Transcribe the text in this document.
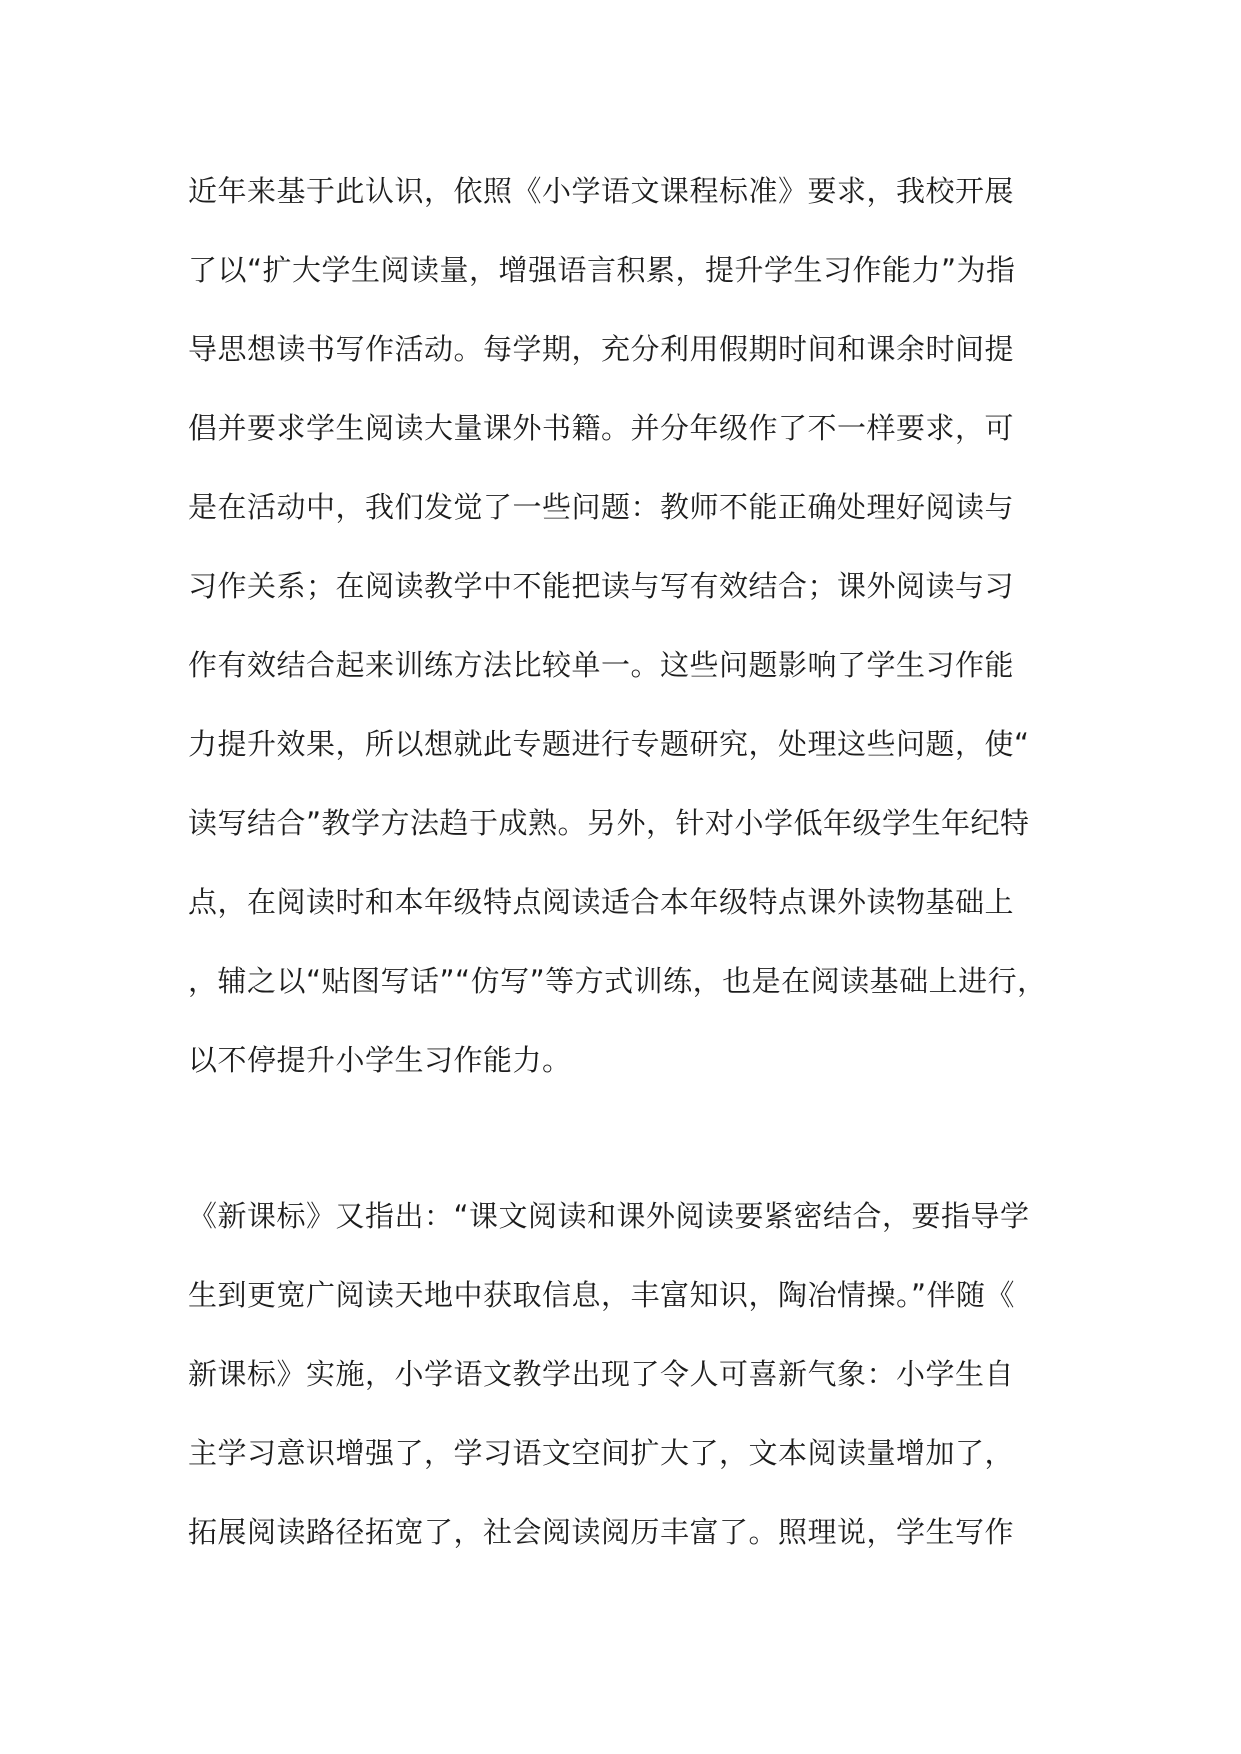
近年来基于此认识，依照《小学语文课程标准》要求，我校开展
了以“扩大学生阅读量，增强语言积累，提升学生习作能力”为指
导思想读书写作活动。每学期，充分利用假期时间和课余时间提
倡并要求学生阅读大量课外书籍。并分年级作了不一样要求，可
是在活动中，我们发觉了一些问题：教师不能正确处理好阅读与
习作关系；在阅读教学中不能把读与写有效结合；课外阅读与习
作有效结合起来训练方法比较单一。这些问题影响了学生习作能
力提升效果，所以想就此专题进行专题研究，处理这些问题，使“
读写结合”教学方法趋于成熟。另外，针对小学低年级学生年纪特
点，在阅读时和本年级特点阅读适合本年级特点课外读物基础上
，辅之以“贴图写话”“仿写”等方式训练，也是在阅读基础上进行，
以不停提升小学生习作能力。
《新课标》又指出：“课文阅读和课外阅读要紧密结合，要指导学
生到更宽广阅读天地中获取信息，丰富知识，陶冶情操。”伴随《
新课标》实施，小学语文教学出现了令人可喜新气象：小学生自
主学习意识增强了，学习语文空间扩大了，文本阅读量增加了，
拓展阅读路径拓宽了，社会阅读阅历丰富了。照理说，学生写作
